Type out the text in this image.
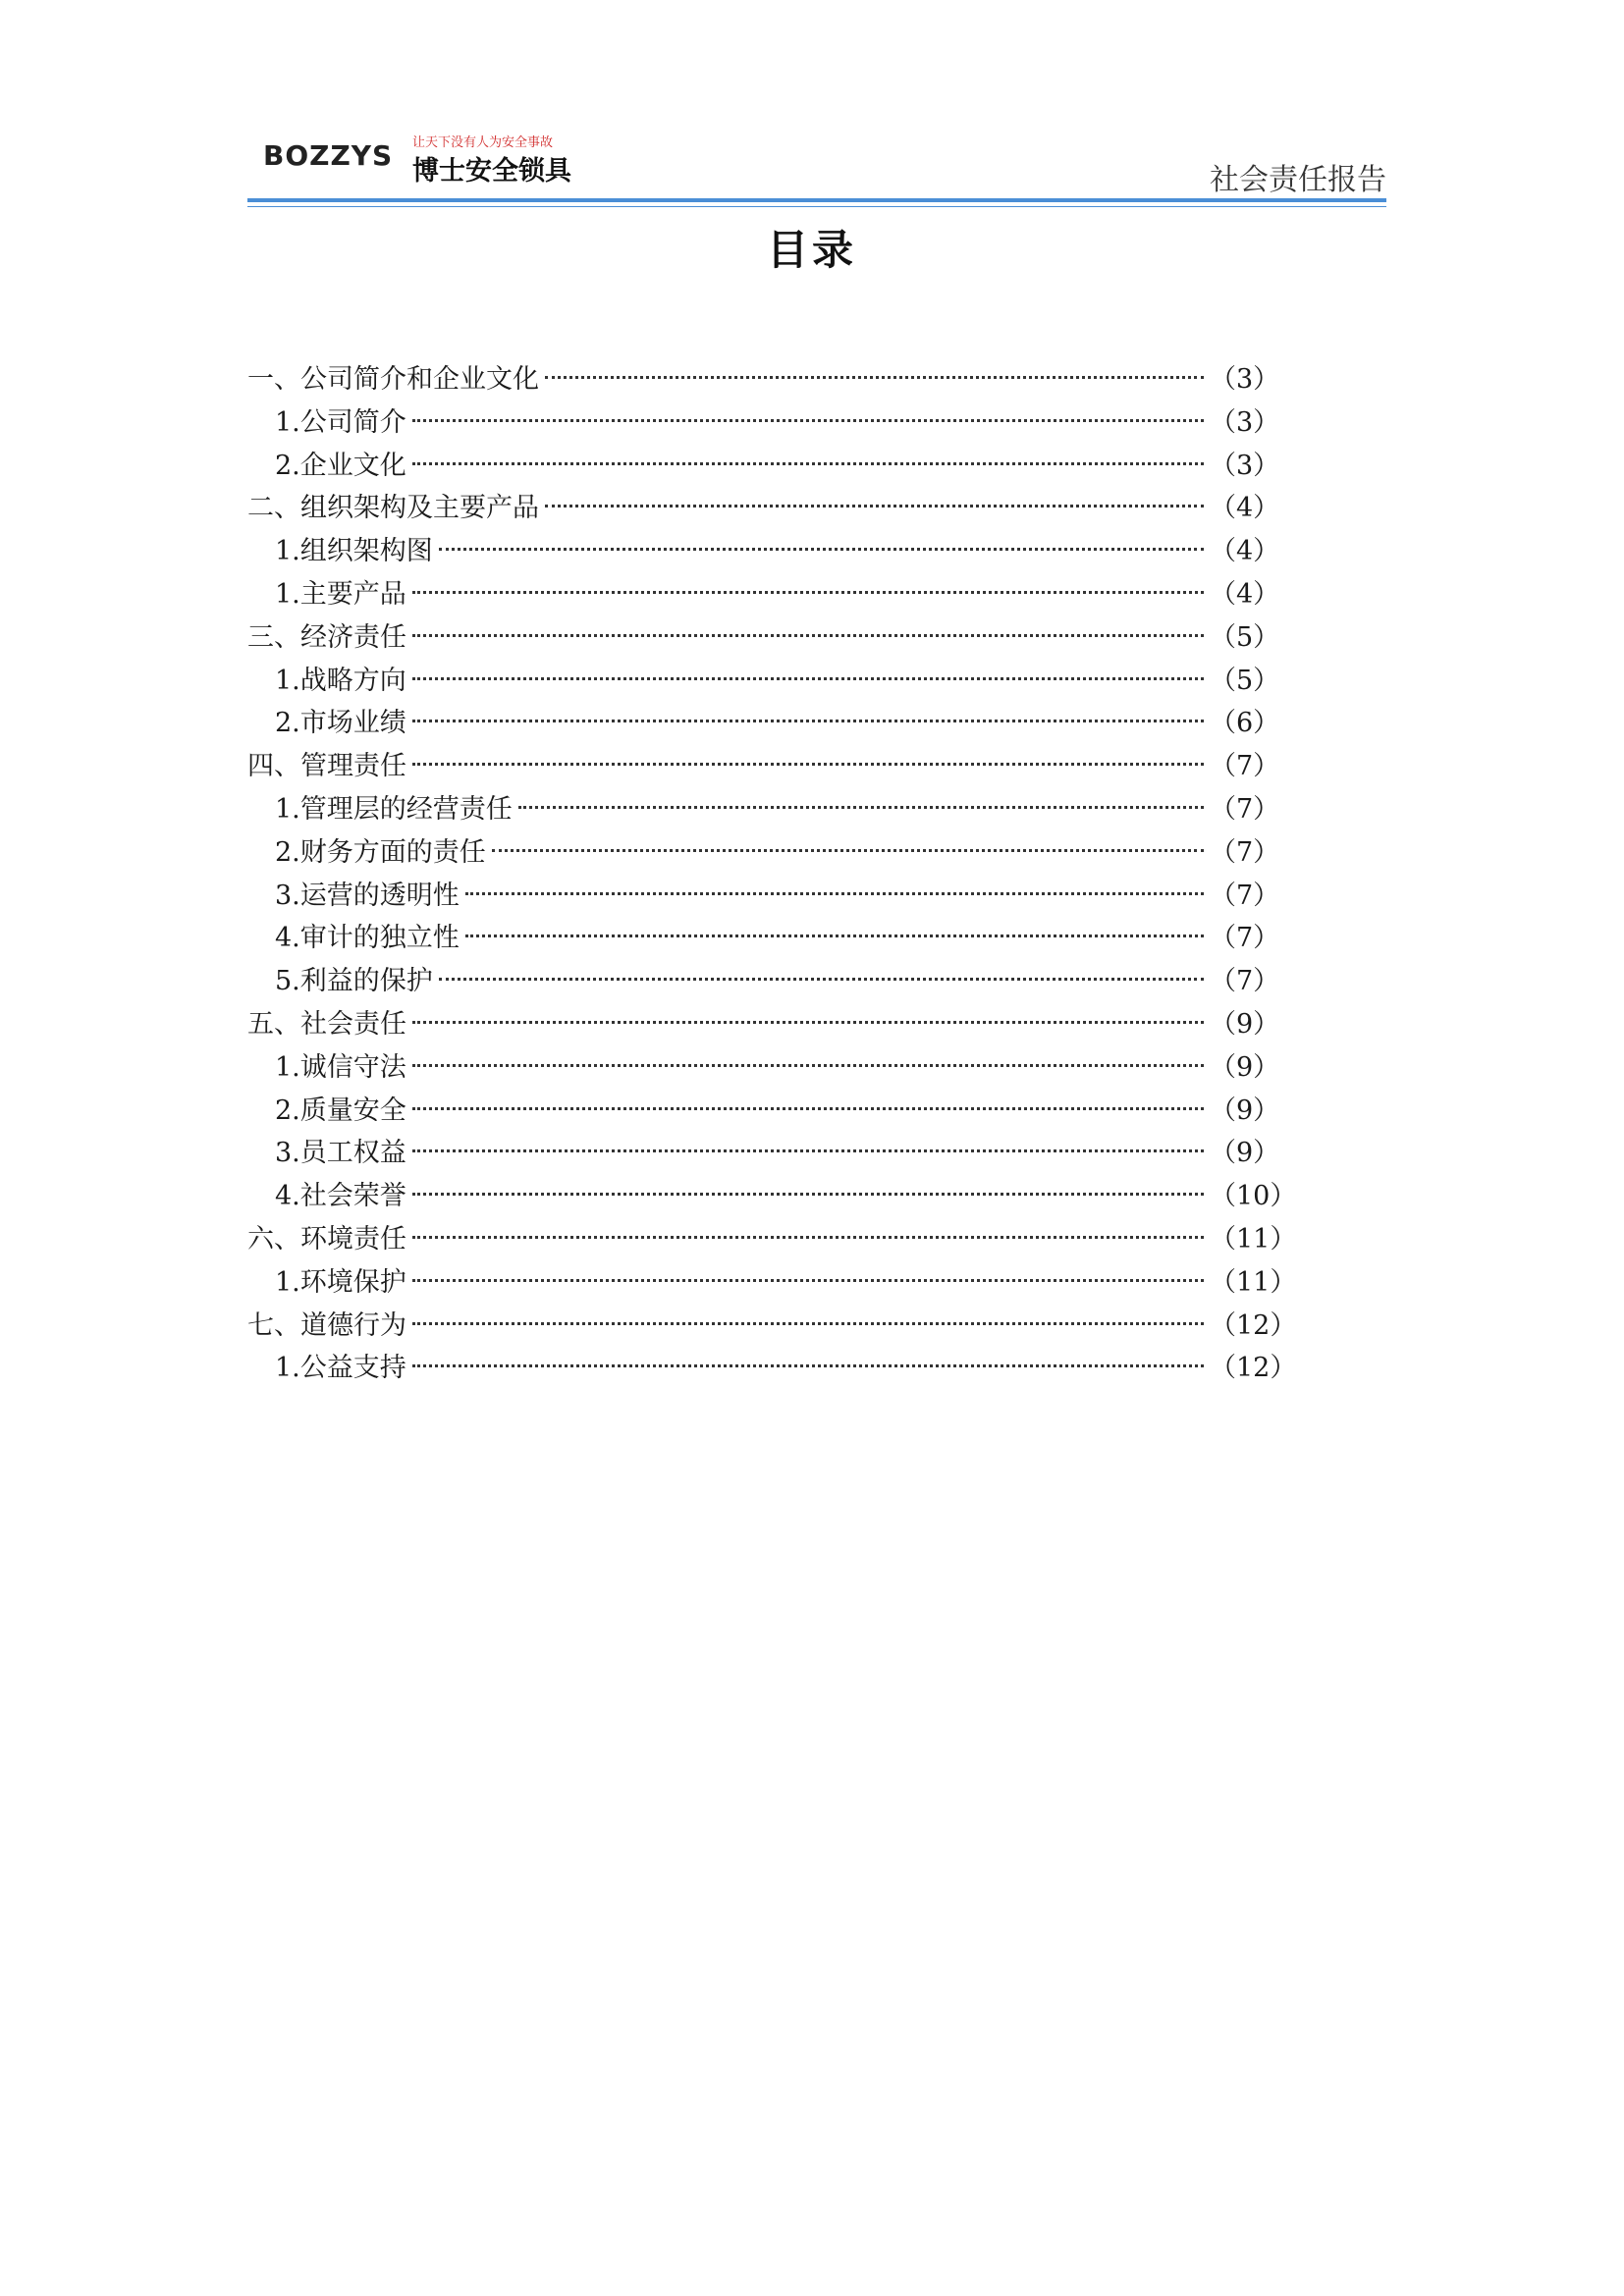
BOZZYS 让天下没有人为安全事故
博士安全锁具	社会责任报告
目录
一、公司简介和企业文化	（3）
1.公司简介	（3）
2.企业文化	（3）
二、组织架构及主要产品	（4）
1.组织架构图	（4）
1.主要产品	（4）
三、经济责任	（5）
1.战略方向	（5）
2.市场业绩	（6）
四、管理责任	（7）
1.管理层的经营责任	（7）
2.财务方面的责任	（7）
3.运营的透明性	（7）
4.审计的独立性	（7）
5.利益的保护	（7）
五、社会责任	（9）
1.诚信守法	（9）
2.质量安全	（9）
3.员工权益	（9）
4.社会荣誉	（10）
六、环境责任	（11）
1.环境保护	（11）
七、道德行为	（12）
1.公益支持	（12）
